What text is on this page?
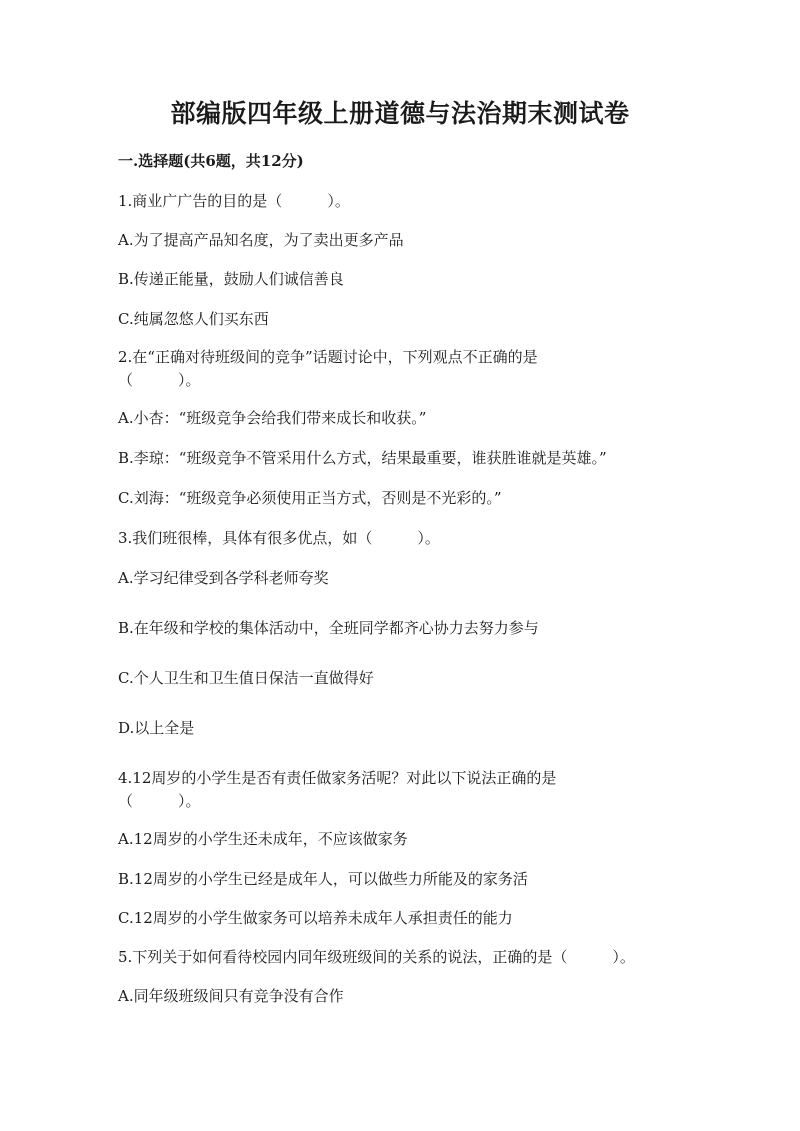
部编版四年级上册道德与法治期末测试卷
一.选择题(共6题，共12分)
1.商业广广告的目的是（　　　）。
A.为了提高产品知名度，为了卖出更多产品
B.传递正能量，鼓励人们诚信善良
C.纯属忽悠人们买东西
2.在“正确对待班级间的竞争”话题讨论中，下列观点不正确的是
（　　　）。
A.小杏：“班级竞争会给我们带来成长和收获。”
B.李琼：“班级竞争不管采用什么方式，结果最重要，谁获胜谁就是英雄。”
C.刘海：“班级竞争必须使用正当方式，否则是不光彩的。”
3.我们班很棒，具体有很多优点，如（　　　）。
A.学习纪律受到各学科老师夸奖
B.在年级和学校的集体活动中，全班同学都齐心协力去努力参与
C.个人卫生和卫生值日保洁一直做得好
D.以上全是
4.12周岁的小学生是否有责任做家务活呢？对此以下说法正确的是
（　　　）。
A.12周岁的小学生还未成年，不应该做家务
B.12周岁的小学生已经是成年人，可以做些力所能及的家务活
C.12周岁的小学生做家务可以培养未成年人承担责任的能力
5.下列关于如何看待校园内同年级班级间的关系的说法，正确的是（　　　）。
A.同年级班级间只有竞争没有合作
